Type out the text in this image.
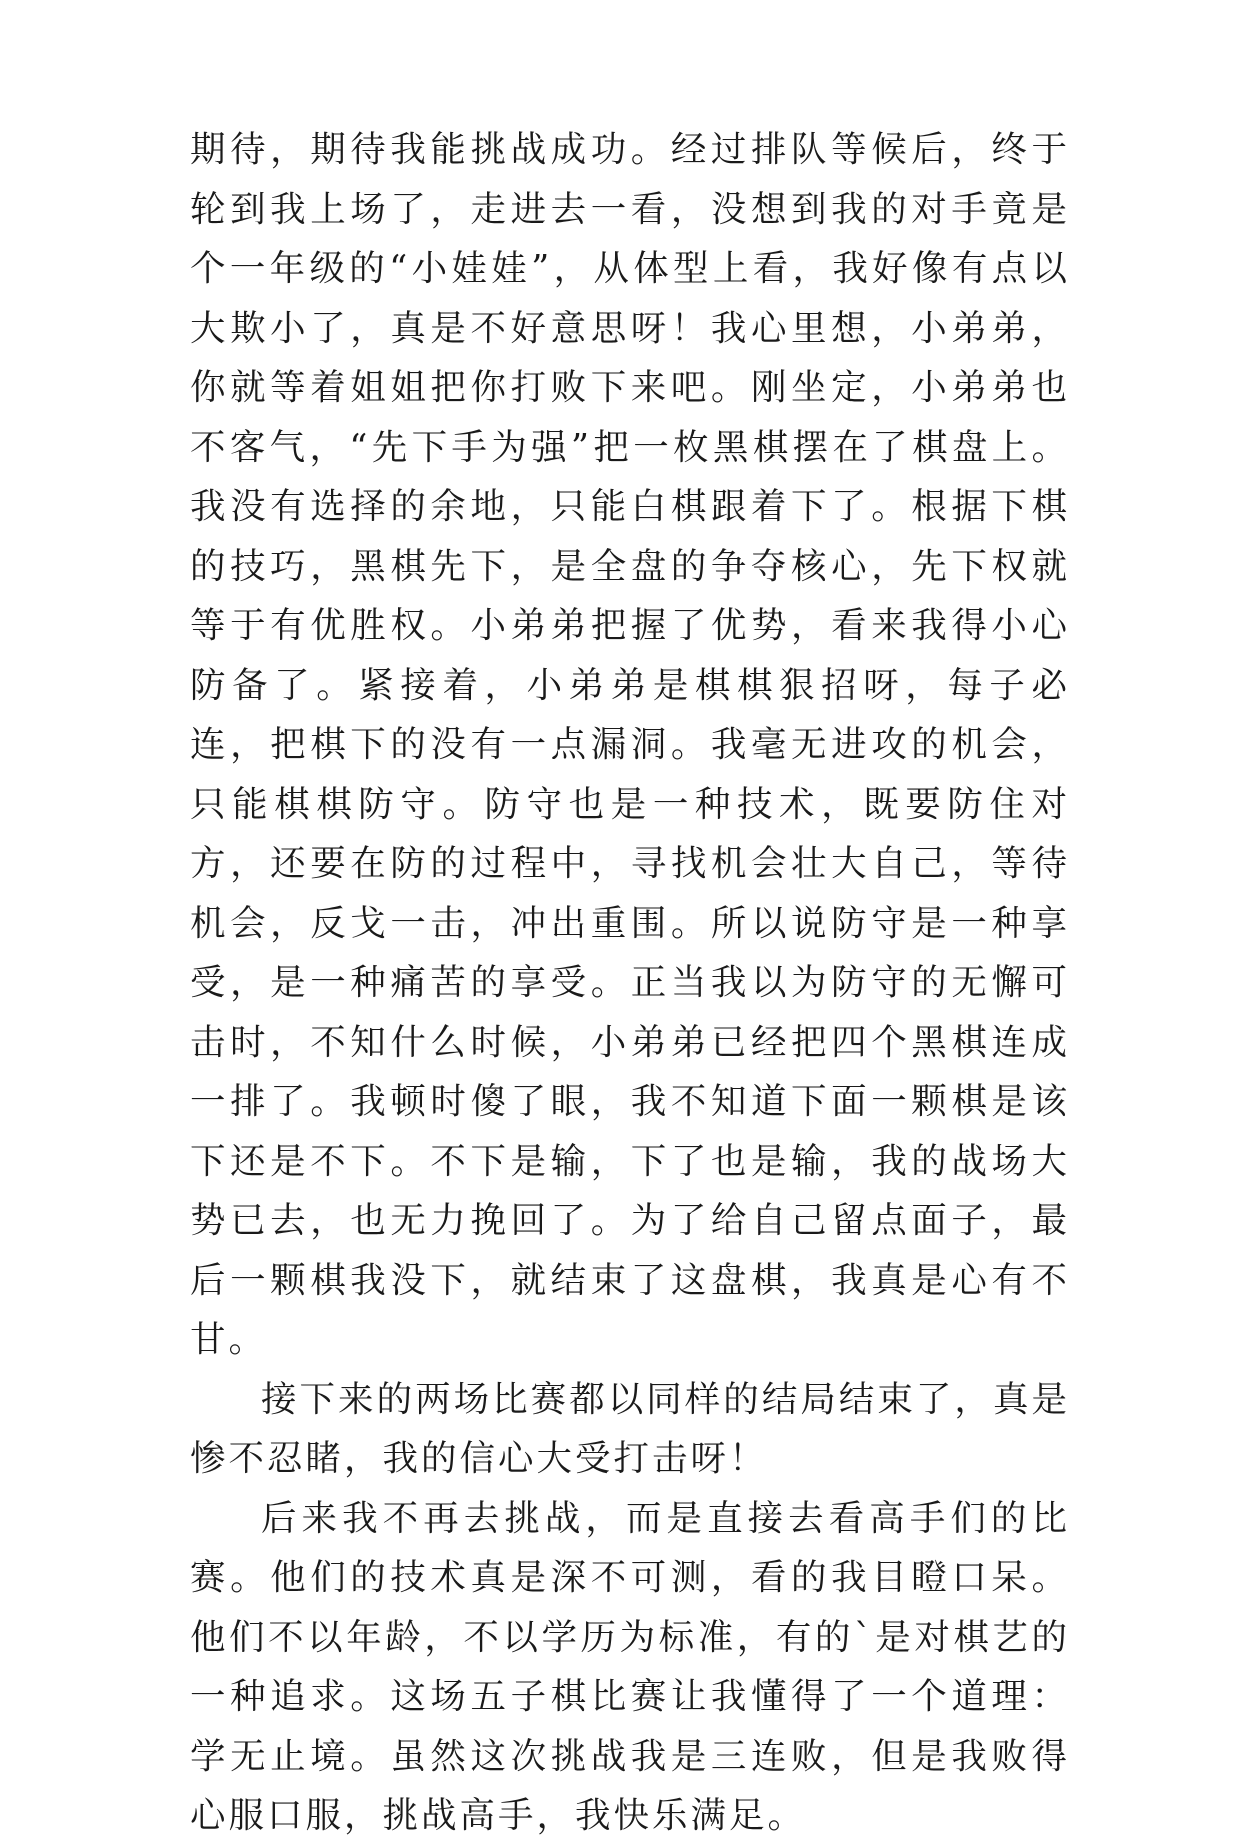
期待，期待我能挑战成功。经过排队等候后，终于轮到我上场了，走进去一看，没想到我的对手竟是个一年级的“小娃娃”，从体型上看，我好像有点以大欺小了，真是不好意思呀！我心里想，小弟弟，你就等着姐姐把你打败下来吧。刚坐定，小弟弟也不客气，“先下手为强”把一枚黑棋摆在了棋盘上。我没有选择的余地，只能白棋跟着下了。根据下棋的技巧，黑棋先下，是全盘的争夺核心，先下权就等于有优胜权。小弟弟把握了优势，看来我得小心防备了。紧接着，小弟弟是棋棋狠招呀，每子必连，把棋下的没有一点漏洞。我毫无进攻的机会，只能棋棋防守。防守也是一种技术，既要防住对方，还要在防的过程中，寻找机会壮大自己，等待机会，反戈一击，冲出重围。所以说防守是一种享受，是一种痛苦的享受。正当我以为防守的无懈可击时，不知什么时候，小弟弟已经把四个黑棋连成一排了。我顿时傻了眼，我不知道下面一颗棋是该下还是不下。不下是输，下了也是输，我的战场大势已去，也无力挽回了。为了给自己留点面子，最后一颗棋我没下，就结束了这盘棋，我真是心有不甘。

接下来的两场比赛都以同样的结局结束了，真是惨不忍睹，我的信心大受打击呀！

后来我不再去挑战，而是直接去看高手们的比赛。他们的技术真是深不可测，看的我目瞪口呆。他们不以年龄，不以学历为标准，有的`是对棋艺的一种追求。这场五子棋比赛让我懂得了一个道理：学无止境。虽然这次挑战我是三连败，但是我败得心服口服，挑战高手，我快乐满足。
